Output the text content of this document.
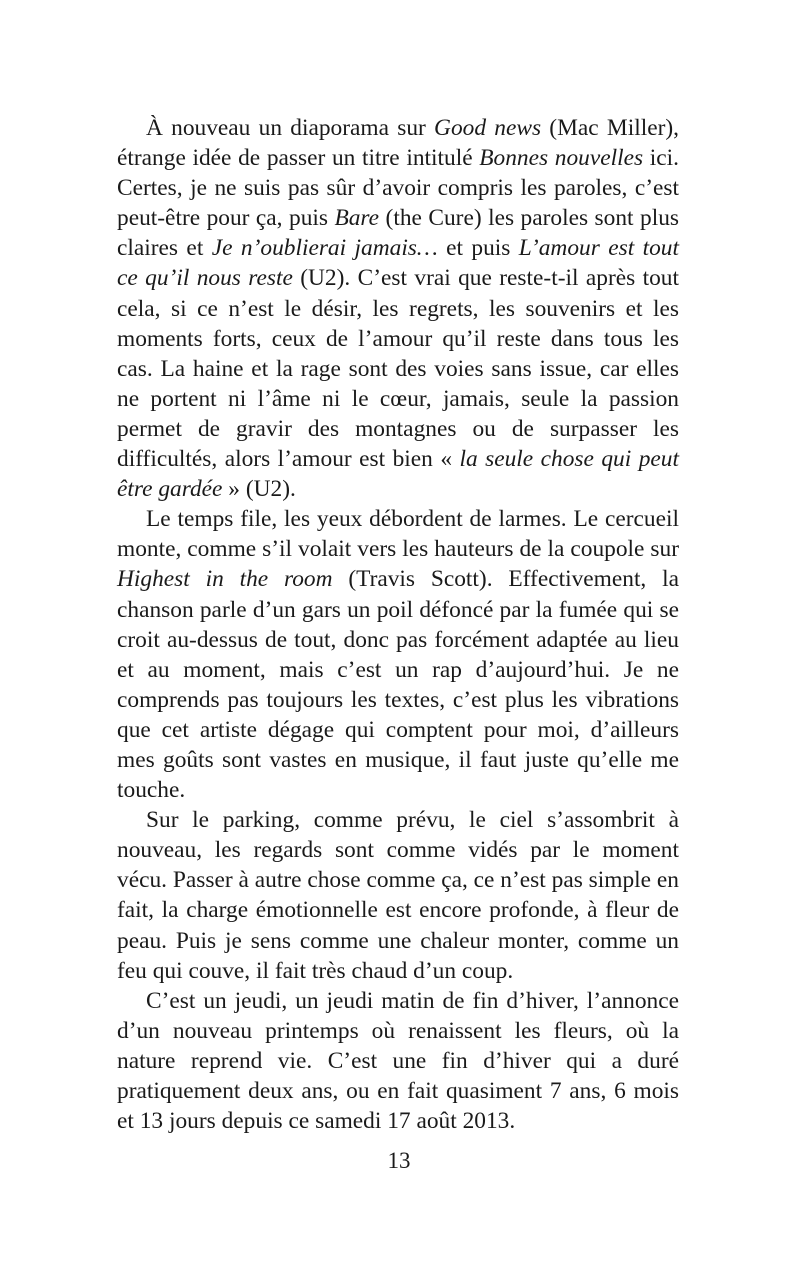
À nouveau un diaporama sur Good news (Mac Miller), étrange idée de passer un titre intitulé Bonnes nouvelles ici. Certes, je ne suis pas sûr d’avoir compris les paroles, c’est peut-être pour ça, puis Bare (the Cure) les paroles sont plus claires et Je n’oublierai jamais… et puis L’amour est tout ce qu’il nous reste (U2). C’est vrai que reste-t-il après tout cela, si ce n’est le désir, les regrets, les souvenirs et les moments forts, ceux de l’amour qu’il reste dans tous les cas. La haine et la rage sont des voies sans issue, car elles ne portent ni l’âme ni le cœur, jamais, seule la passion permet de gravir des montagnes ou de surpasser les difficultés, alors l’amour est bien « la seule chose qui peut être gardée » (U2).

Le temps file, les yeux débordent de larmes. Le cercueil monte, comme s’il volait vers les hauteurs de la coupole sur Highest in the room (Travis Scott). Effectivement, la chanson parle d’un gars un poil défoncé par la fumée qui se croit au-dessus de tout, donc pas forcément adaptée au lieu et au moment, mais c’est un rap d’aujourd’hui. Je ne comprends pas toujours les textes, c’est plus les vibrations que cet artiste dégage qui comptent pour moi, d’ailleurs mes goûts sont vastes en musique, il faut juste qu’elle me touche.

Sur le parking, comme prévu, le ciel s’assombrit à nouveau, les regards sont comme vidés par le moment vécu. Passer à autre chose comme ça, ce n’est pas simple en fait, la charge émotionnelle est encore profonde, à fleur de peau. Puis je sens comme une chaleur monter, comme un feu qui couve, il fait très chaud d’un coup.

C’est un jeudi, un jeudi matin de fin d’hiver, l’annonce d’un nouveau printemps où renaissent les fleurs, où la nature reprend vie. C’est une fin d’hiver qui a duré pratiquement deux ans, ou en fait quasiment 7 ans, 6 mois et 13 jours depuis ce samedi 17 août 2013.

13
